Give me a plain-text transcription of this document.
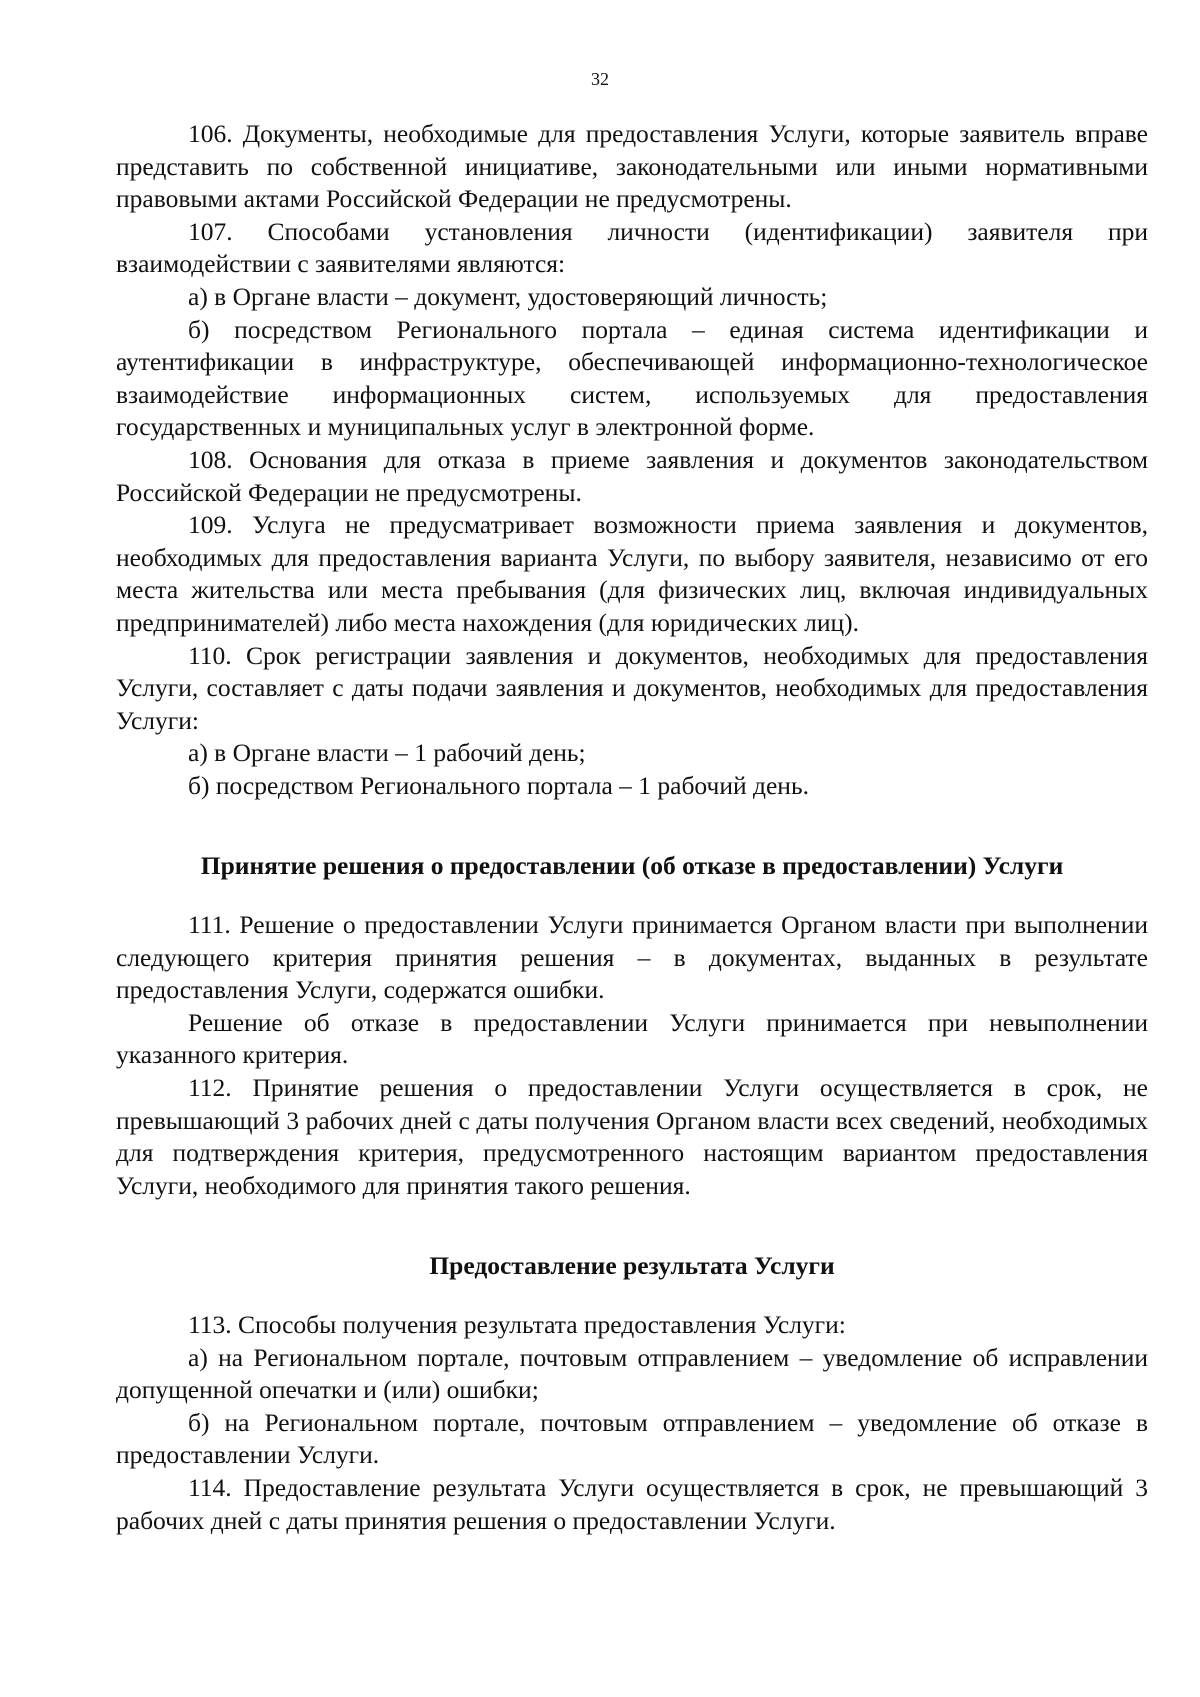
32

106. Документы, необходимые для предоставления Услуги, которые заявитель вправе представить по собственной инициативе, законодательными или иными нормативными правовыми актами Российской Федерации не предусмотрены.

107. Способами установления личности (идентификации) заявителя при взаимодействии с заявителями являются:

а) в Органе власти – документ, удостоверяющий личность;

б) посредством Регионального портала – единая система идентификации и аутентификации в инфраструктуре, обеспечивающей информационно-технологическое взаимодействие информационных систем, используемых для предоставления государственных и муниципальных услуг в электронной форме.

108. Основания для отказа в приеме заявления и документов законодательством Российской Федерации не предусмотрены.

109. Услуга не предусматривает возможности приема заявления и документов, необходимых для предоставления варианта Услуги, по выбору заявителя, независимо от его места жительства или места пребывания (для физических лиц, включая индивидуальных предпринимателей) либо места нахождения (для юридических лиц).

110. Срок регистрации заявления и документов, необходимых для предоставления Услуги, составляет с даты подачи заявления и документов, необходимых для предоставления Услуги:

а) в Органе власти – 1 рабочий день;

б) посредством Регионального портала – 1 рабочий день.

Принятие решения о предоставлении (об отказе в предоставлении) Услуги

111. Решение о предоставлении Услуги принимается Органом власти при выполнении следующего критерия принятия решения – в документах, выданных в результате предоставления Услуги, содержатся ошибки.

Решение об отказе в предоставлении Услуги принимается при невыполнении указанного критерия.

112. Принятие решения о предоставлении Услуги осуществляется в срок, не превышающий 3 рабочих дней с даты получения Органом власти всех сведений, необходимых для подтверждения критерия, предусмотренного настоящим вариантом предоставления Услуги, необходимого для принятия такого решения.

Предоставление результата Услуги

113. Способы получения результата предоставления Услуги:

а) на Региональном портале, почтовым отправлением – уведомление об исправлении допущенной опечатки и (или) ошибки;

б) на Региональном портале, почтовым отправлением – уведомление об отказе в предоставлении Услуги.

114. Предоставление результата Услуги осуществляется в срок, не превышающий 3 рабочих дней с даты принятия решения о предоставлении Услуги.
